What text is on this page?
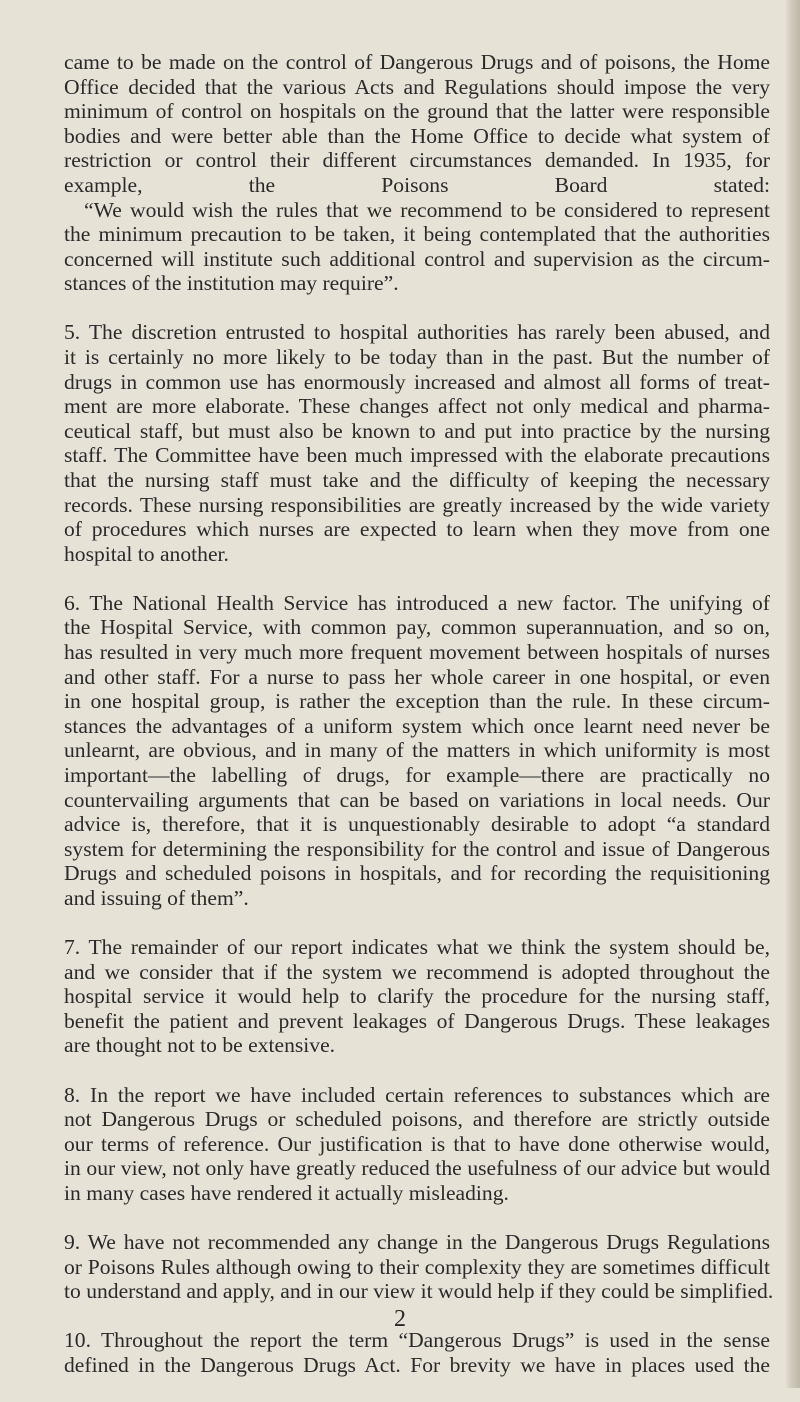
came to be made on the control of Dangerous Drugs and of poisons, the Home
Office decided that the various Acts and Regulations should impose the very
minimum of control on hospitals on the ground that the latter were responsible
bodies and were better able than the Home Office to decide what system of
restriction or control their different circumstances demanded. In 1935, for
example, the Poisons Board stated:
“We would wish the rules that we recommend to be considered to represent
the minimum precaution to be taken, it being contemplated that the authorities
concerned will institute such additional control and supervision as the circum-
stances of the institution may require”.
5. The discretion entrusted to hospital authorities has rarely been abused, and
it is certainly no more likely to be today than in the past. But the number of
drugs in common use has enormously increased and almost all forms of treat-
ment are more elaborate. These changes affect not only medical and pharma-
ceutical staff, but must also be known to and put into practice by the nursing
staff. The Committee have been much impressed with the elaborate precautions
that the nursing staff must take and the difficulty of keeping the necessary
records. These nursing responsibilities are greatly increased by the wide variety
of procedures which nurses are expected to learn when they move from one
hospital to another.
6. The National Health Service has introduced a new factor. The unifying of
the Hospital Service, with common pay, common superannuation, and so on,
has resulted in very much more frequent movement between hospitals of nurses
and other staff. For a nurse to pass her whole career in one hospital, or even
in one hospital group, is rather the exception than the rule. In these circum-
stances the advantages of a uniform system which once learnt need never be
unlearnt, are obvious, and in many of the matters in which uniformity is most
important—the labelling of drugs, for example—there are practically no
countervailing arguments that can be based on variations in local needs. Our
advice is, therefore, that it is unquestionably desirable to adopt “a standard
system for determining the responsibility for the control and issue of Dangerous
Drugs and scheduled poisons in hospitals, and for recording the requisitioning
and issuing of them”.
7. The remainder of our report indicates what we think the system should be,
and we consider that if the system we recommend is adopted throughout the
hospital service it would help to clarify the procedure for the nursing staff,
benefit the patient and prevent leakages of Dangerous Drugs. These leakages
are thought not to be extensive.
8. In the report we have included certain references to substances which are
not Dangerous Drugs or scheduled poisons, and therefore are strictly outside
our terms of reference. Our justification is that to have done otherwise would,
in our view, not only have greatly reduced the usefulness of our advice but would
in many cases have rendered it actually misleading.
9. We have not recommended any change in the Dangerous Drugs Regulations
or Poisons Rules although owing to their complexity they are sometimes difficult
to understand and apply, and in our view it would help if they could be simplified.
10. Throughout the report the term “Dangerous Drugs” is used in the sense
defined in the Dangerous Drugs Act. For brevity we have in places used the
2
